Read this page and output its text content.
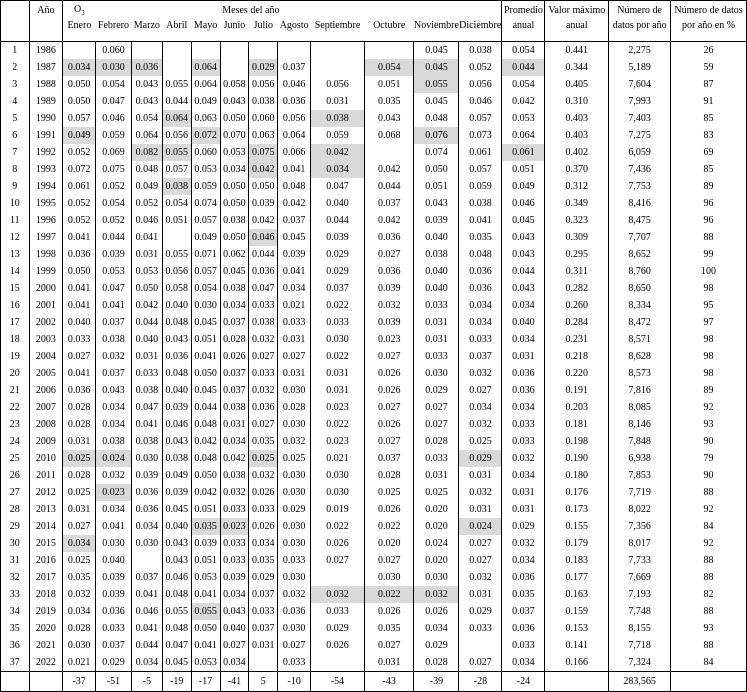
	Año	$O_3$				Meses del año								Promedio	Valor máximo	Número de	Número de datos
		Enero	Febrero	Marzo	Abril	Mayo	Junio	Julio	Agosto	Septiembre	Octubre	Noviembre	Diciembre	anual	anual	datos por año	por año en %
1	1986		0.060									0.045	0.038	0.054	0.441	2,275	26
2	1987	0.034	0.030	0.036		0.064		0.029	0.037		0.054	0.045	0.052	0.044	0.344	5,189	59
3	1988	0.050	0.054	0.043	0.055	0.064	0.058	0.056	0.046	0.056	0.051	0.055	0.056	0.054	0.405	7,604	87
4	1989	0.050	0.047	0.043	0.044	0.049	0.043	0.038	0.036	0.031	0.035	0.045	0.046	0.042	0.310	7,993	91
5	1990	0.057	0.046	0.054	0.064	0.063	0.050	0.060	0.056	0.038	0.043	0.048	0.057	0.053	0.403	7,403	85
6	1991	0.049	0.059	0.064	0.056	0.072	0.070	0.063	0.064	0.059	0.068	0.076	0.073	0.064	0.403	7,275	83
7	1992	0.052	0.069	0.082	0.055	0.060	0.053	0.075	0.066	0.042		0.074	0.061	0.061	0.402	6,059	69
8	1993	0.072	0.075	0.048	0.057	0.053	0.034	0.042	0.041	0.034	0.042	0.050	0.057	0.051	0.370	7,436	85
9	1994	0.061	0.052	0.049	0.038	0.059	0.050	0.050	0.048	0.047	0.044	0.051	0.059	0.049	0.312	7,753	89
10	1995	0.052	0.054	0.052	0.054	0.074	0.050	0.039	0.042	0.040	0.037	0.043	0.038	0.046	0.349	8,416	96
11	1996	0.052	0.052	0.046	0.051	0.057	0.038	0.042	0.037	0.044	0.042	0.039	0.041	0.045	0.323	8,475	96
12	1997	0.041	0.044	0.041		0.049	0.050	0.046	0.045	0.039	0.036	0.040	0.035	0.043	0.309	7,707	88
13	1998	0.036	0.039	0.031	0.055	0.071	0.062	0.044	0.039	0.029	0.027	0.038	0.048	0.043	0.295	8,652	99
14	1999	0.050	0.053	0.053	0.056	0.057	0.045	0.036	0.041	0.029	0.036	0.040	0.036	0.044	0.311	8,760	100
15	2000	0.041	0.047	0.050	0.058	0.054	0.038	0.047	0.034	0.037	0.039	0.040	0.036	0.043	0.282	8,650	98
16	2001	0.041	0.041	0.042	0.040	0.030	0.034	0.033	0.021	0.022	0.032	0.033	0.034	0.034	0.260	8,334	95
17	2002	0.040	0.037	0.044	0.048	0.045	0.037	0.038	0.033	0.033	0.039	0.031	0.034	0.040	0.284	8,472	97
18	2003	0.033	0.038	0.040	0.043	0.051	0.028	0.032	0.031	0.030	0.023	0.031	0.033	0.034	0.231	8,571	98
19	2004	0.027	0.032	0.031	0.036	0.041	0.026	0.027	0.027	0.022	0.027	0.033	0.037	0.031	0.218	8,628	98
20	2005	0.041	0.037	0.033	0.048	0.050	0.037	0.033	0.031	0.031	0.026	0.030	0.032	0.036	0.220	8,573	98
21	2006	0.036	0.043	0.038	0.040	0.045	0.037	0.032	0.030	0.031	0.026	0.029	0.027	0.036	0.191	7,816	89
22	2007	0.028	0.034	0.047	0.039	0.044	0.038	0.036	0.028	0.023	0.027	0.027	0.034	0.034	0.203	8,085	92
23	2008	0.028	0.034	0.041	0.046	0.048	0.031	0.027	0.030	0.022	0.026	0.027	0.032	0.033	0.181	8,146	93
24	2009	0.031	0.038	0.038	0.043	0.042	0.034	0.035	0.032	0.023	0.027	0.028	0.025	0.033	0.198	7,848	90
25	2010	0.025	0.024	0.030	0.038	0.048	0.042	0.025	0.025	0.021	0.037	0.033	0.029	0.032	0.190	6,938	79
26	2011	0.028	0.032	0.039	0.049	0.050	0.038	0.032	0.030	0.030	0.028	0.031	0.031	0.034	0.180	7,853	90
27	2012	0.025	0.023	0.036	0.039	0.042	0.032	0.026	0.030	0.030	0.025	0.025	0.032	0.031	0.176	7,719	88
28	2013	0.031	0.034	0.036	0.045	0.051	0.033	0.033	0.029	0.019	0.026	0.020	0.031	0.031	0.173	8,022	92
29	2014	0.027	0.041	0.034	0.040	0.035	0.023	0.026	0.030	0.022	0.022	0.020	0.024	0.029	0.155	7,356	84
30	2015	0.034	0.030	0.030	0.043	0.039	0.033	0.034	0.030	0.026	0.020	0.024	0.027	0.032	0.179	8,017	92
31	2016	0.025	0.040		0.043	0.051	0.033	0.035	0.033	0.027	0.027	0.020	0.027	0.034	0.183	7,733	88
32	2017	0.035	0.039	0.037	0.046	0.053	0.039	0.029	0.030		0.030	0.030	0.032	0.036	0.177	7,669	88
33	2018	0.032	0.039	0.041	0.048	0.041	0.034	0.037	0.032	0.032	0.022	0.032	0.031	0.035	0.163	7,193	82
34	2019	0.034	0.036	0.046	0.055	0.055	0.043	0.033	0.036	0.033	0.026	0.026	0.029	0.037	0.159	7,748	88
35	2020	0.028	0.033	0.041	0.048	0.050	0.040	0.037	0.030	0.029	0.035	0.034	0.033	0.036	0.153	8,155	93
36	2021	0.030	0.037	0.044	0.047	0.041	0.027	0.031	0.027	0.026	0.027	0.029		0.033	0.141	7,718	88
37	2022	0.021	0.029	0.034	0.045	0.053	0.034		0.033		0.031	0.028	0.027	0.034	0.166	7,324	84
		-37	-51	-5	-19	-17	-41	5	-10	-54	-43	-39	-28	-24		283,565	
